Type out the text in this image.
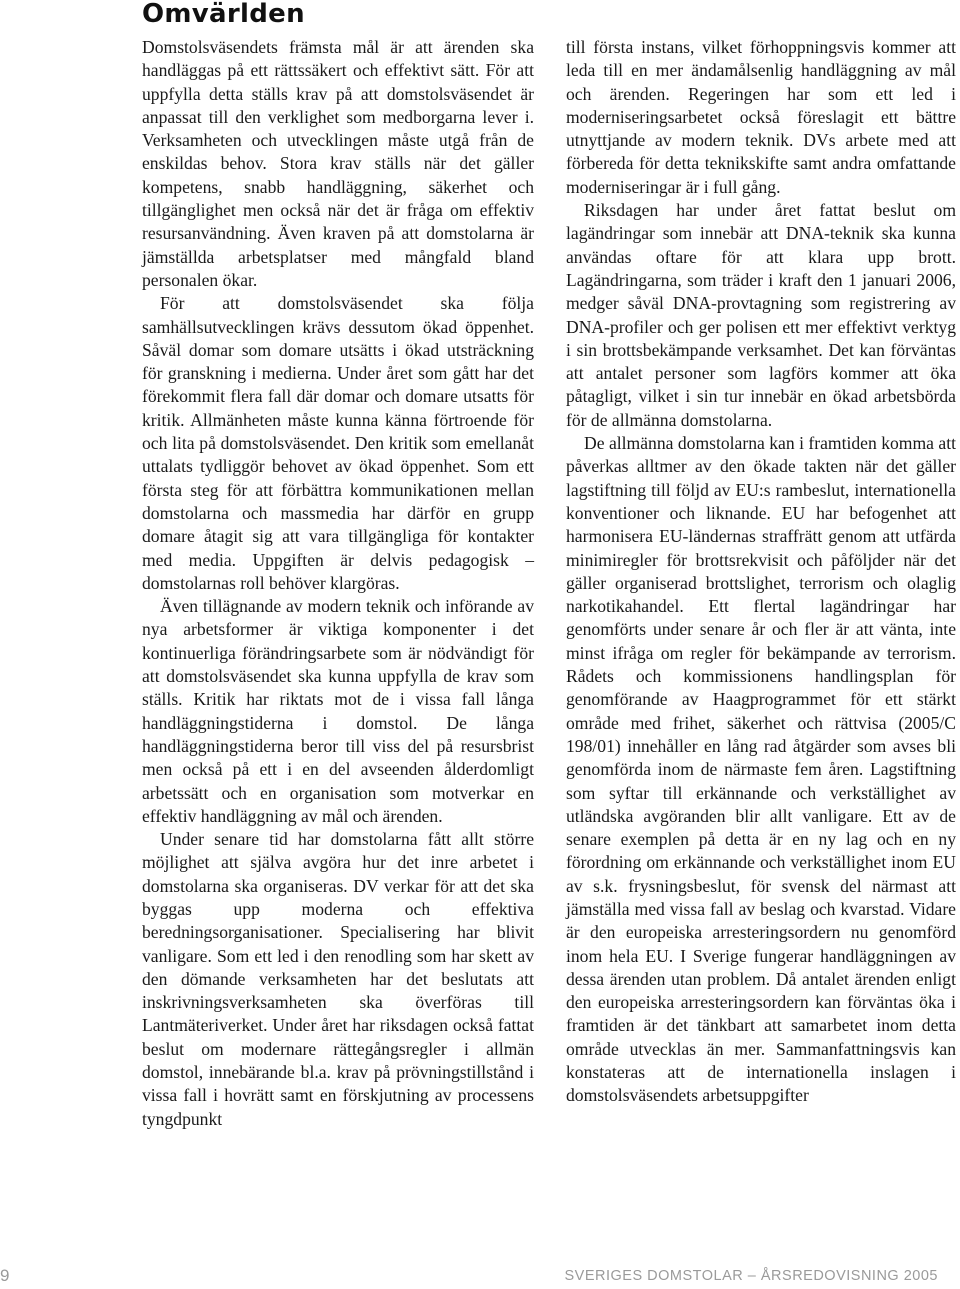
Omvärlden

Domstolsväsendets främsta mål är att ärenden ska handläggas på ett rättssäkert och effektivt sätt. För att uppfylla detta ställs krav på att domstolsväsendet är anpassat till den verklighet som medborgarna lever i. Verksamheten och utvecklingen måste utgå från de enskildas behov. Stora krav ställs när det gäller kompetens, snabb handläggning, säkerhet och tillgänglighet men också när det är fråga om effektiv resursanvändning. Även kraven på att domstolarna är jämställda arbetsplatser med mångfald bland personalen ökar.

För att domstolsväsendet ska följa samhällsutvecklingen krävs dessutom ökad öppenhet. Såväl domar som domare utsätts i ökad utsträckning för granskning i medierna. Under året som gått har det förekommit flera fall där domar och domare utsatts för kritik. Allmänheten måste kunna känna förtroende för och lita på domstolsväsendet. Den kritik som emellanåt uttalats tydliggör behovet av ökad öppenhet. Som ett första steg för att förbättra kommunikationen mellan domstolarna och massmedia har därför en grupp domare åtagit sig att vara tillgängliga för kontakter med media. Uppgiften är delvis pedagogisk – domstolarnas roll behöver klargöras.

Även tillägnande av modern teknik och införande av nya arbetsformer är viktiga komponenter i det kontinuerliga förändringsarbete som är nödvändigt för att domstolsväsendet ska kunna uppfylla de krav som ställs. Kritik har riktats mot de i vissa fall långa handläggningstiderna i domstol. De långa handläggningstiderna beror till viss del på resursbrist men också på ett i en del avseenden ålderdomligt arbetssätt och en organisation som motverkar en effektiv handläggning av mål och ärenden.

Under senare tid har domstolarna fått allt större möjlighet att själva avgöra hur det inre arbetet i domstolarna ska organiseras. DV verkar för att det ska byggas upp moderna och effektiva beredningsorganisationer. Specialisering har blivit vanligare. Som ett led i den renodling som har skett av den dömande verksamheten har det beslutats att inskrivningsverksamheten ska överföras till Lantmäteriverket. Under året har riksdagen också fattat beslut om modernare rättegångsregler i allmän domstol, innebärande bl.a. krav på prövningstillstånd i vissa fall i hovrätt samt en förskjutning av processens tyngdpunkt

till första instans, vilket förhoppningsvis kommer att leda till en mer ändamålsenlig handläggning av mål och ärenden. Regeringen har som ett led i moderniseringsarbetet också föreslagit ett bättre utnyttjande av modern teknik. DVs arbete med att förbereda för detta teknikskifte samt andra omfattande moderniseringar är i full gång.

Riksdagen har under året fattat beslut om lagändringar som innebär att DNA-teknik ska kunna användas oftare för att klara upp brott. Lagändringarna, som träder i kraft den 1 januari 2006, medger såväl DNA-provtagning som registrering av DNA-profiler och ger polisen ett mer effektivt verktyg i sin brottsbekämpande verksamhet. Det kan förväntas att antalet personer som lagförs kommer att öka påtagligt, vilket i sin tur innebär en ökad arbetsbörda för de allmänna domstolarna.

De allmänna domstolarna kan i framtiden komma att påverkas alltmer av den ökade takten när det gäller lagstiftning till följd av EU:s rambeslut, internationella konventioner och liknande. EU har befogenhet att harmonisera EU-ländernas straffrätt genom att utfärda minimiregler för brottsrekvisit och påföljder när det gäller organiserad brottslighet, terrorism och olaglig narkotikahandel. Ett flertal lagändringar har genomförts under senare år och fler är att vänta, inte minst ifråga om regler för bekämpande av terrorism. Rådets och kommissionens handlingsplan för genomförande av Haagprogrammet för ett stärkt område med frihet, säkerhet och rättvisa (2005/C 198/01) innehåller en lång rad åtgärder som avses bli genomförda inom de närmaste fem åren. Lagstiftning som syftar till erkännande och verkställighet av utländska avgöranden blir allt vanligare. Ett av de senare exemplen på detta är en ny lag och en ny förordning om erkännande och verkställighet inom EU av s.k. frysningsbeslut, för svensk del närmast att jämställa med vissa fall av beslag och kvarstad. Vidare är den europeiska arresteringsordern nu genomförd inom hela EU. I Sverige fungerar handläggningen av dessa ärenden utan problem. Då antalet ärenden enligt den europeiska arresteringsordern kan förväntas öka i framtiden är det tänkbart att samarbetet inom detta område utvecklas än mer. Sammanfattningsvis kan konstateras att de internationella inslagen i domstolsväsendets arbetsuppgifter

9	SVERIGES DOMSTOLAR – ÅRSREDOVISNING 2005
